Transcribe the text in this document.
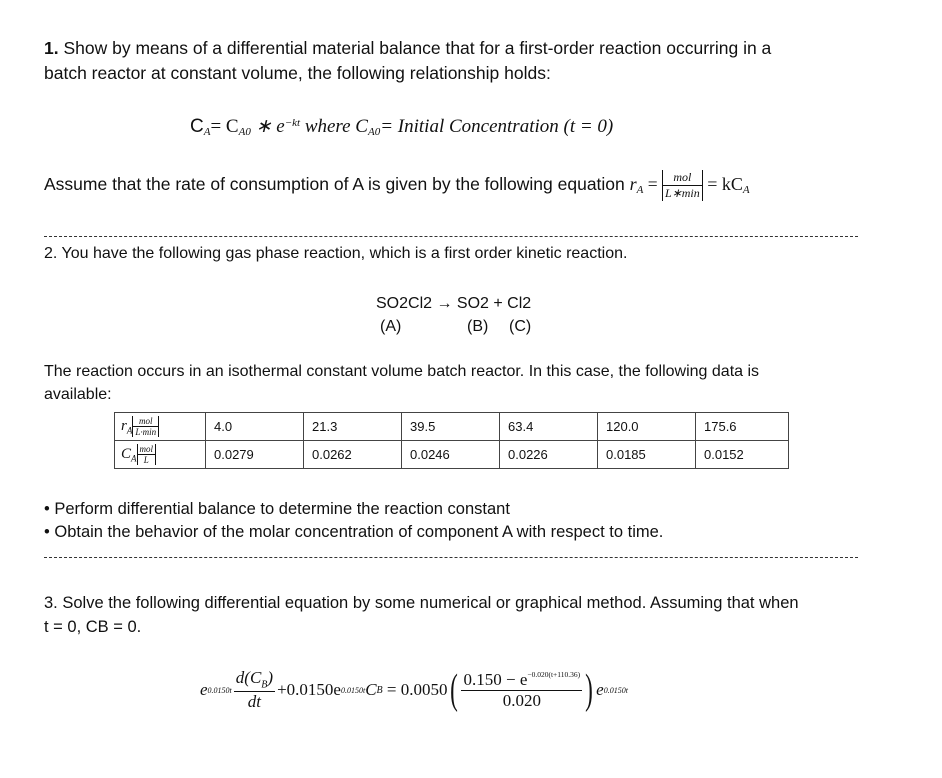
1. Show by means of a differential material balance that for a first-order reaction occurring in a
batch reactor at constant volume, the following relationship holds:
$C_A= C_{A0}$ ∗ $e^{-kt}$ where $C_{A0}=$ Initial Concentration (t = 0)
Assume that the rate of consumption of A is given by the following equation $r_A = \frac{\text{mol}}{L∗\min} = kC_A$
2. You have the following gas phase reaction, which is a first order kinetic reaction.
SO2Cl2 → SO2 + Cl2
(A)	(B) (C)
The reaction occurs in an isothermal constant volume batch reactor. In this case, the following data is
available:
$r_A \frac{\text{mol}}{L\cdot\min}$	4.0	21.3	39.5	63.4	120.0	175.6
$C_A \frac{\text{mol}}{L}$	0.0279	0.0262	0.0246	0.0226	0.0185	0.0152
• Perform differential balance to determine the reaction constant
• Obtain the behavior of the molar concentration of component A with respect to time.
3. Solve the following differential equation by some numerical or graphical method. Assuming that when
t = 0, CB = 0.
e $0.0150t \frac{d(C_B)}{dt} +0.0150e$ 0.0150t C B = 0.0050 ( $\frac{0.150 - e^{-0.020(t+110.36)}}{0.020}$ ) e 0.0150t
